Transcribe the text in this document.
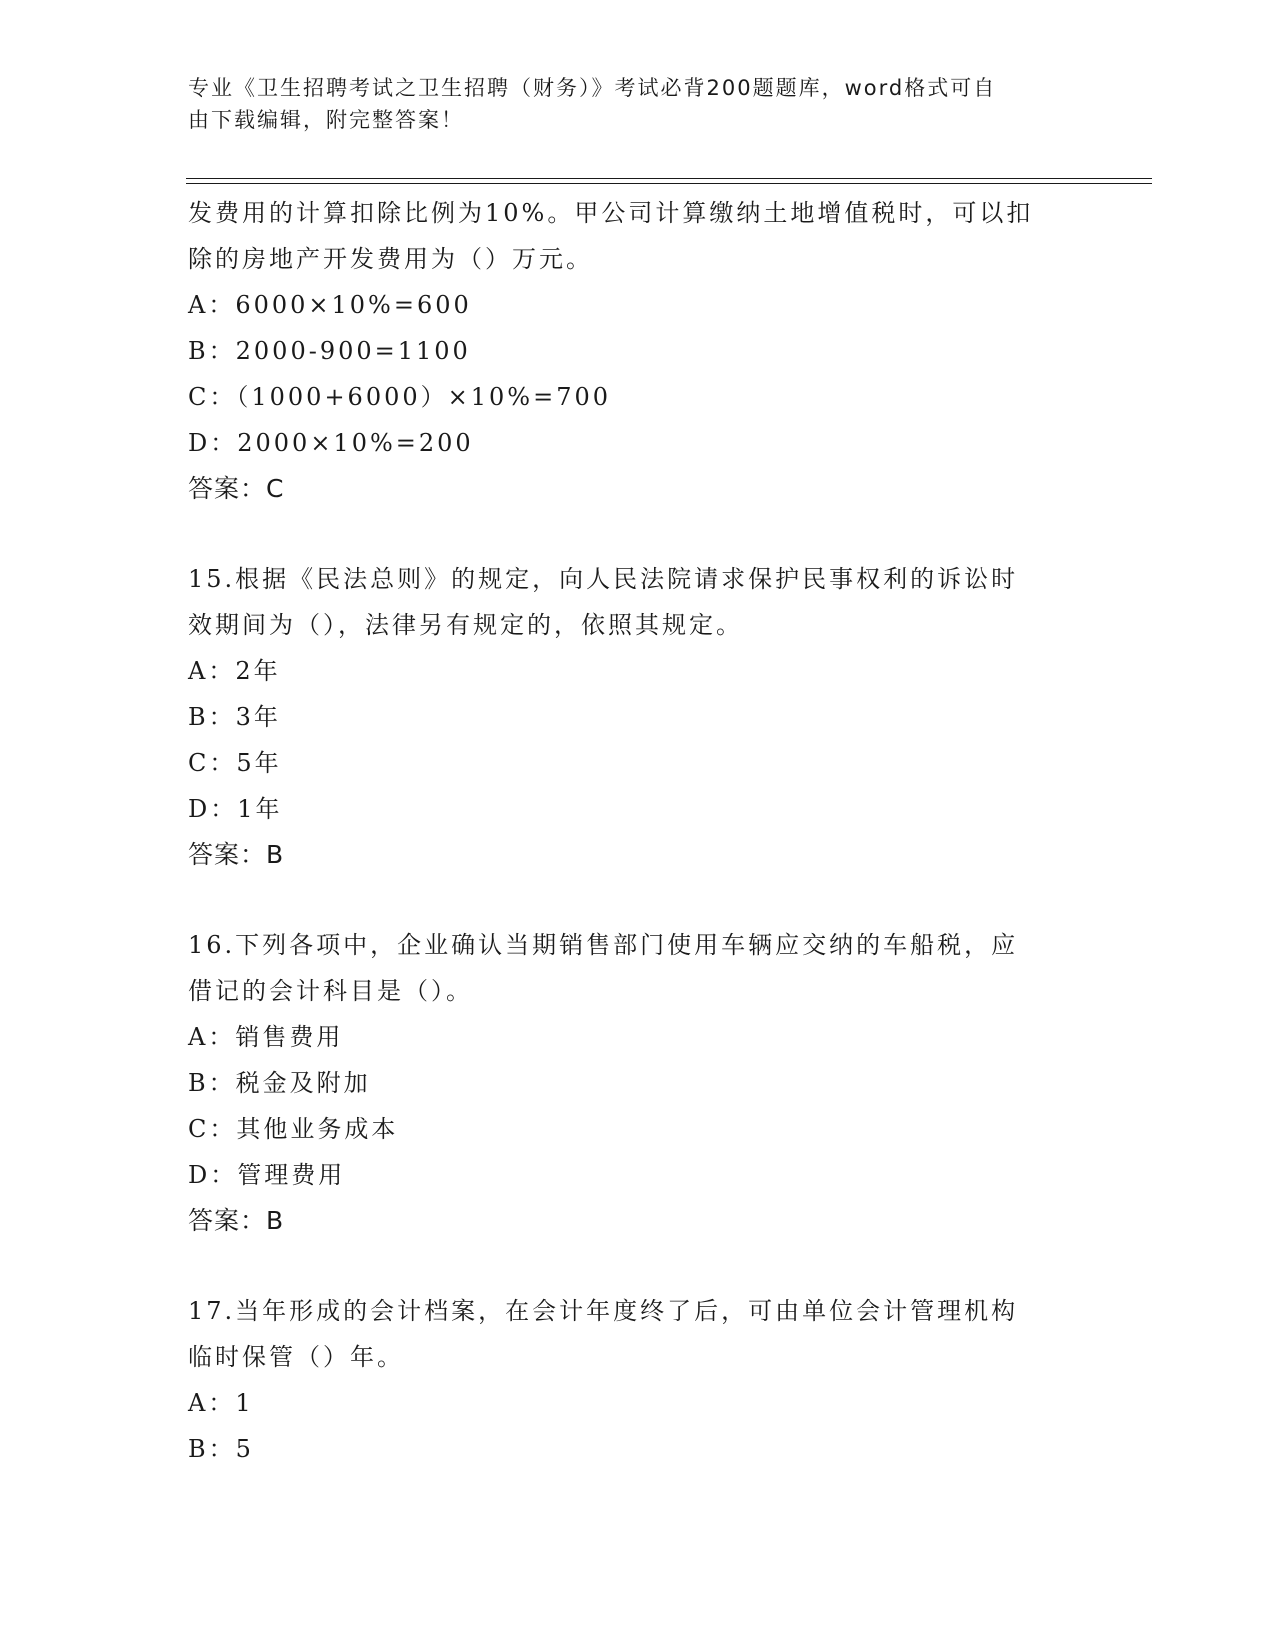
专业《卫生招聘考试之卫生招聘（财务）》考试必背200题题库，word格式可自
由下载编辑，附完整答案！
发费用的计算扣除比例为10%。甲公司计算缴纳土地增值税时，可以扣
除的房地产开发费用为（）万元。
A：6000×10%=600
B：2000-900=1100
C：（1000+6000）×10%=700
D：2000×10%=200
答案：C
15.根据《民法总则》的规定，向人民法院请求保护民事权利的诉讼时
效期间为（），法律另有规定的，依照其规定。
A：2年
B：3年
C：5年
D：1年
答案：B
16.下列各项中，企业确认当期销售部门使用车辆应交纳的车船税，应
借记的会计科目是（）。
A：销售费用
B：税金及附加
C：其他业务成本
D：管理费用
答案：B
17.当年形成的会计档案，在会计年度终了后，可由单位会计管理机构
临时保管（）年。
A：1
B：5
